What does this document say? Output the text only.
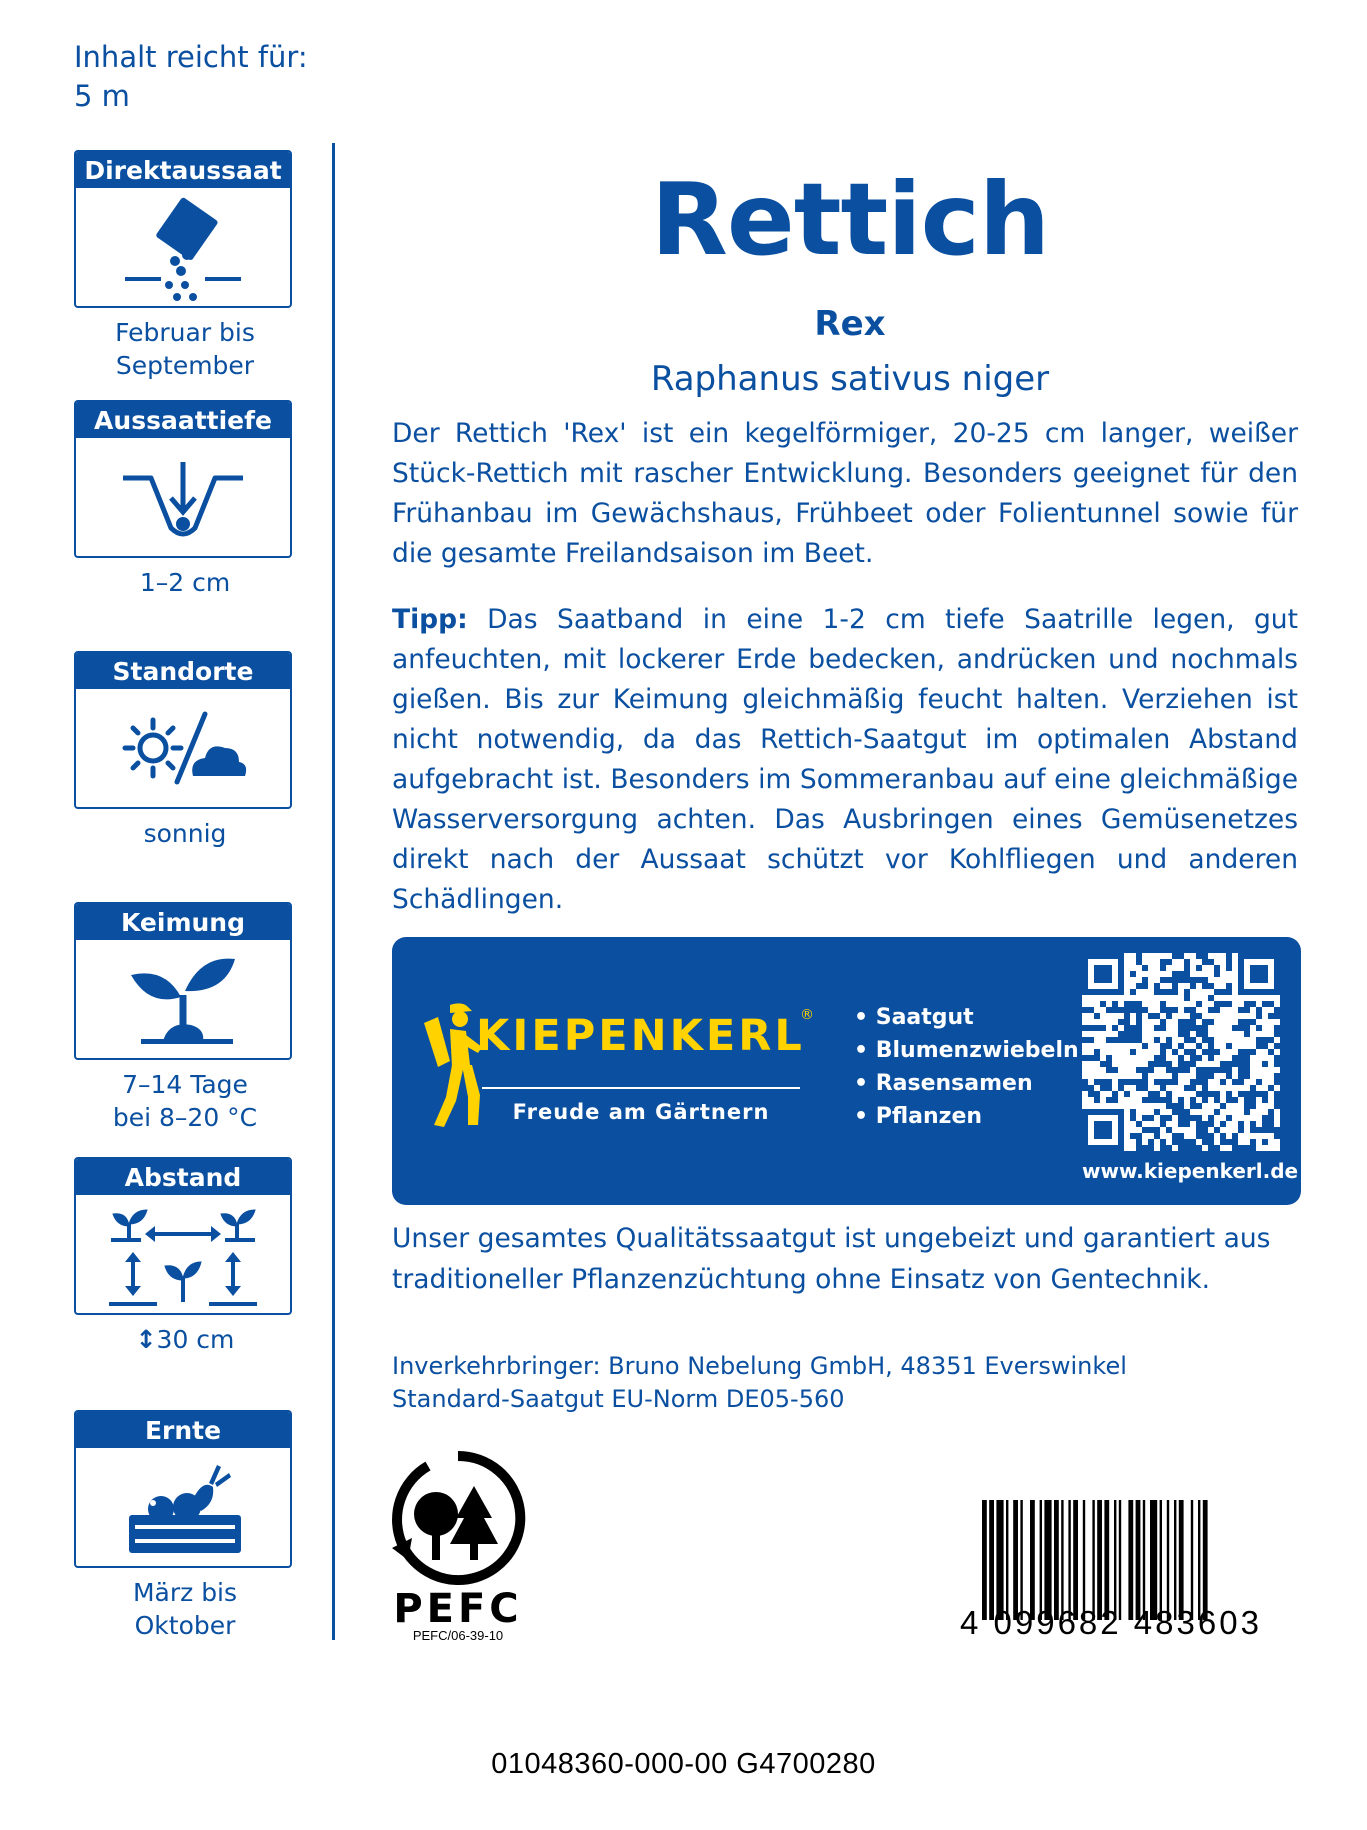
Inhalt reicht für:
5 m
Direktaussaat
Februar bis
September
Aussaattiefe
1–2 cm
Standorte
sonnig
Keimung
7–14 Tage
bei 8–20 °C
Abstand
↕30 cm
Ernte
März bis
Oktober
Rettich
Rex
Raphanus sativus niger
Der Rettich 'Rex' ist ein kegelförmiger, 20-25 cm langer, weißer Stück-Rettich mit rascher Entwicklung. Besonders geeignet für den Frühanbau im Gewächshaus, Frühbeet oder Folientunnel sowie für die gesamte Freilandsaison im Beet.
Tipp: Das Saatband in eine 1-2 cm tiefe Saatrille legen, gut anfeuchten, mit lockerer Erde bedecken, andrücken und nochmals gießen. Bis zur Keimung gleichmäßig feucht halten. Verziehen ist nicht notwendig, da das Rettich-Saatgut im optimalen Abstand aufgebracht ist. Besonders im Sommeranbau auf eine gleichmäßige Wasserversorgung achten. Das Ausbringen eines Gemüsenetzes direkt nach der Aussaat schützt vor Kohlfliegen und anderen Schädlingen.
KIEPENKERL
®
Freude am Gärtnern
• Saatgut
• Blumenzwiebeln
• Rasensamen
• Pflanzen
www.kiepenkerl.de
Unser gesamtes Qualitätssaatgut ist ungebeizt und garantiert aus traditioneller Pflanzenzüchtung ohne Einsatz von Gentechnik.
Inverkehrbringer: Bruno Nebelung GmbH, 48351 Everswinkel
Standard-Saatgut EU-Norm DE05-560
PEFC
PEFC/06-39-10	4 099682 483603
01048360-000-00 G4700280
